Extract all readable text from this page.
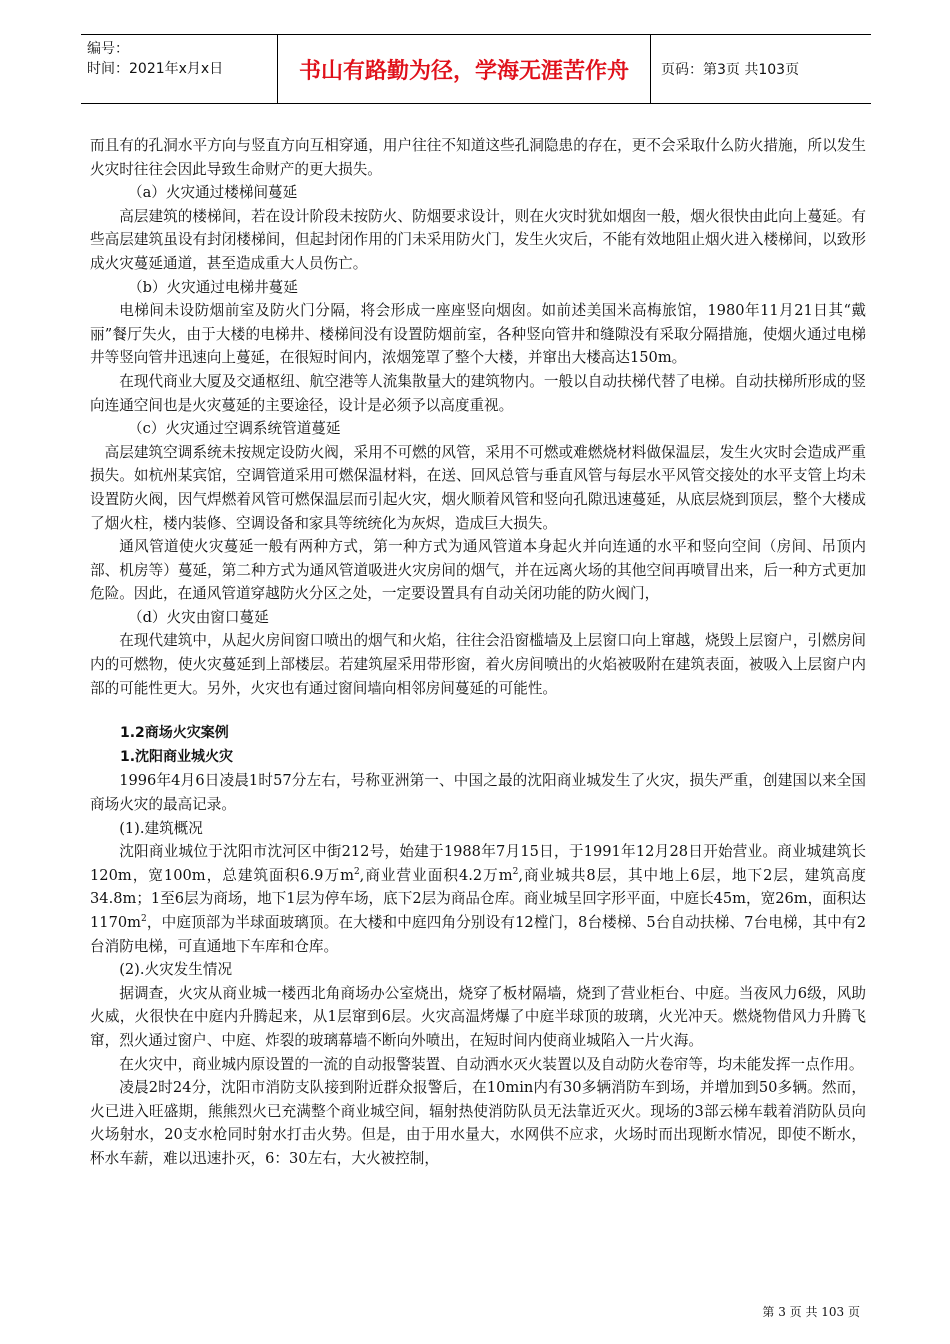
编号：
时间：2021年x月x日	书山有路勤为径，学海无涯苦作舟	页码：第3页 共103页

而且有的孔洞水平方向与竖直方向互相穿通，用户往往不知道这些孔洞隐患的存在，更不会采取什么防火措施，所以发生火灾时往往会因此导致生命财产的更大损失。

（a）火灾通过楼梯间蔓延

高层建筑的楼梯间，若在设计阶段未按防火、防烟要求设计，则在火灾时犹如烟囱一般，烟火很快由此向上蔓延。有些高层建筑虽设有封闭楼梯间，但起封闭作用的门未采用防火门，发生火灾后，不能有效地阻止烟火进入楼梯间，以致形成火灾蔓延通道，甚至造成重大人员伤亡。

（b）火灾通过电梯井蔓延

电梯间未设防烟前室及防火门分隔，将会形成一座座竖向烟囱。如前述美国米高梅旅馆，1980年11月21日其“戴丽”餐厅失火，由于大楼的电梯井、楼梯间没有设置防烟前室，各种竖向管井和缝隙没有采取分隔措施，使烟火通过电梯井等竖向管井迅速向上蔓延，在很短时间内，浓烟笼罩了整个大楼，并窜出大楼高达150m。

在现代商业大厦及交通枢纽、航空港等人流集散量大的建筑物内。一般以自动扶梯代替了电梯。自动扶梯所形成的竖向连通空间也是火灾蔓延的主要途径，设计是必须予以高度重视。

（c）火灾通过空调系统管道蔓延

高层建筑空调系统未按规定设防火阀，采用不可燃的风管，采用不可燃或难燃烧材料做保温层，发生火灾时会造成严重损失。如杭州某宾馆，空调管道采用可燃保温材料，在送、回风总管与垂直风管与每层水平风管交接处的水平支管上均未设置防火阀，因气焊燃着风管可燃保温层而引起火灾，烟火顺着风管和竖向孔隙迅速蔓延，从底层烧到顶层，整个大楼成了烟火柱，楼内装修、空调设备和家具等统统化为灰烬，造成巨大损失。

通风管道使火灾蔓延一般有两种方式，第一种方式为通风管道本身起火并向连通的水平和竖向空间（房间、吊顶内部、机房等）蔓延，第二种方式为通风管道吸进火灾房间的烟气，并在远离火场的其他空间再喷冒出来，后一种方式更加危险。因此，在通风管道穿越防火分区之处，一定要设置具有自动关闭功能的防火阀门，

（d）火灾由窗口蔓延

在现代建筑中，从起火房间窗口喷出的烟气和火焰，往往会沿窗槛墙及上层窗口向上窜越，烧毁上层窗户，引燃房间内的可燃物，使火灾蔓延到上部楼层。若建筑屋采用带形窗，着火房间喷出的火焰被吸附在建筑表面，被吸入上层窗户内部的可能性更大。另外，火灾也有通过窗间墙向相邻房间蔓延的可能性。

1.2商场火灾案例

1.沈阳商业城火灾

1996年4月6日凌晨1时57分左右，号称亚洲第一、中国之最的沈阳商业城发生了火灾，损失严重，创建国以来全国商场火灾的最高记录。

(1).建筑概况

沈阳商业城位于沈阳市沈河区中街212号，始建于1988年7月15日，于1991年12月28日开始营业。商业城建筑长120m，宽100m，总建筑面积6.9万$m^2$,商业营业面积4.2万$m^2$,商业城共8层，其中地上6层，地下2层，建筑高度34.8m；1至6层为商场，地下1层为停车场，底下2层为商品仓库。商业城呈回字形平面，中庭长45m，宽26m，面积达$1170m^2$，中庭顶部为半球面玻璃顶。在大楼和中庭四角分别设有12樘门，8台楼梯、5台自动扶梯、7台电梯，其中有2台消防电梯，可直通地下车库和仓库。

(2).火灾发生情况

据调查，火灾从商业城一楼西北角商场办公室烧出，烧穿了板材隔墙，烧到了营业柜台、中庭。当夜风力6级，风助火威，火很快在中庭内升腾起来，从1层窜到6层。火灾高温烤爆了中庭半球顶的玻璃，火光冲天。燃烧物借风力升腾飞窜，烈火通过窗户、中庭、炸裂的玻璃幕墙不断向外喷出，在短时间内使商业城陷入一片火海。

在火灾中，商业城内原设置的一流的自动报警装置、自动洒水灭火装置以及自动防火卷帘等，均未能发挥一点作用。

凌晨2时24分，沈阳市消防支队接到附近群众报警后，在10min内有30多辆消防车到场，并增加到50多辆。然而，火已进入旺盛期，熊熊烈火已充满整个商业城空间，辐射热使消防队员无法靠近灭火。现场的3部云梯车载着消防队员向火场射水，20支水枪同时射水打击火势。但是，由于用水量大，水网供不应求，火场时而出现断水情况，即使不断水，杯水车薪，难以迅速扑灭，6：30左右，大火被控制，

第 3 页 共 103 页
